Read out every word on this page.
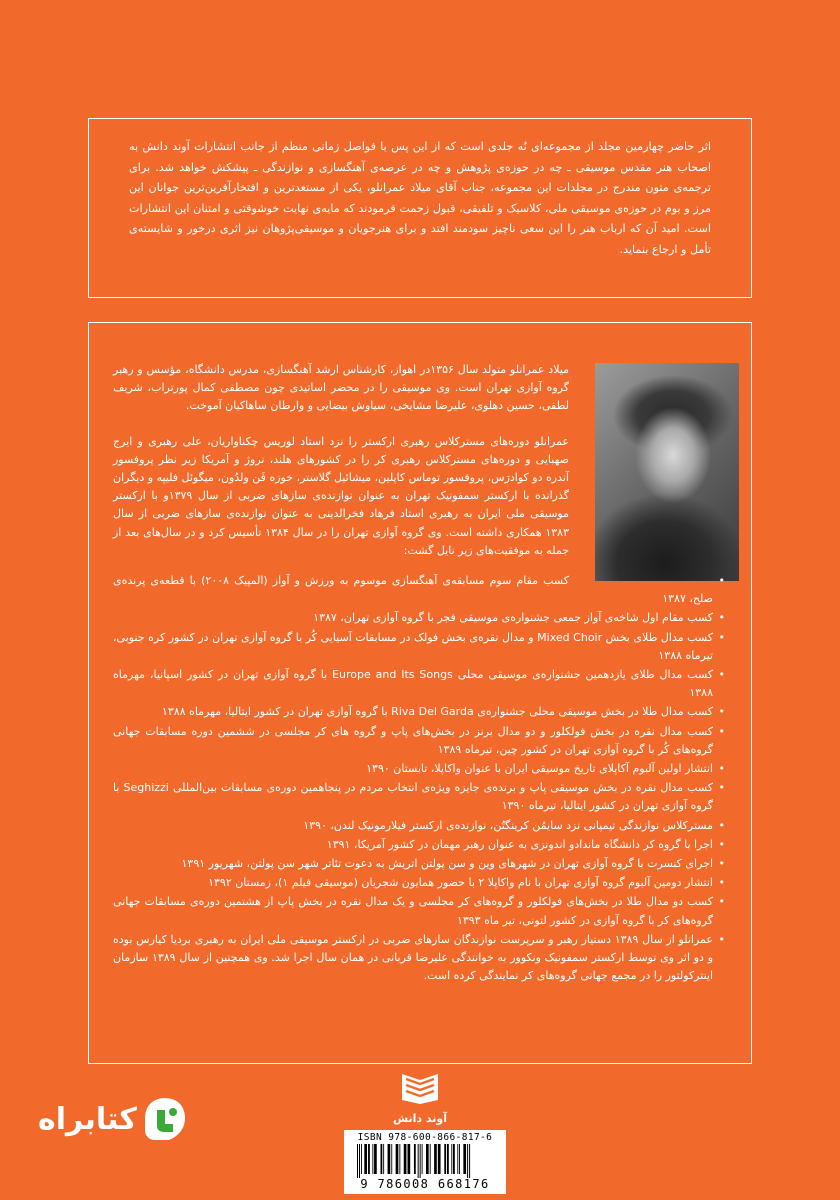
اثر حاضر چهارمین مجلد از مجموعه‌ای نُه جلدی است که از این پس با فواصل زمانی منظم از جانب انتشارات آوند دانش به اصحاب هنر مقدس موسیقی ـ چه در حوزه‌ی پژوهش و چه در عرصه‌ی آهنگسازی و نوازندگی ـ پیشکش خواهد شد. برای ترجمه‌ی متون مندرج در مجلدات این مجموعه، جناب آقای میلاد عمرانلو، یکی از مستعدترین و افتخارآفرین‌ترین جوانان این مرز و بوم در حوزه‌ی موسیقی ملی، کلاسیک و تلفیقی، قبول زحمت فرمودند که مایه‌ی نهایت خوشوقتی و امتنان این انتشارات است. امید آن که ارباب هنر را این سعی ناچیز سودمند افتد و برای هنرجویان و موسیقی‌پژوهان نیز اثری درخور و شایسته‌ی تأمل و ارجاع بنماید.

میلاد عمرانلو متولد سال ۱۳۵۶در اهواز، کارشناس ارشد آهنگسازی، مدرس دانشگاه، مؤسس و رهبر گروه آوازی تهران است. وی موسیقی را در محضر اساتیدی چون مصطفی کمال پورتراب، شریف لطفی، حسین دهلوی، علیرضا مشایخی، سیاوش بیضایی و وارطان ساهاکیان آموخت.

عمرانلو دوره‌های مسترکلاس رهبری ارکستر را نزد استاد لوریس چکناواریان، علی رهبری و ایرج صهبایی و دوره‌های مسترکلاس رهبری کر را در کشورهای هلند، نروژ و آمریکا زیر نظر پروفسور آندره دو کوادرَس، پروفسور توماس کاپلین، میشائیل گلاستر، خوزه فَن ولدُون، میگوئل فلیپه و دیگران گذرانده با ارکستر سمفونیک تهران به عنوان نوازنده‌ی سازهای ضربی از سال ۱۳۷۹و با ارکستر موسیقی ملی ایران به رهبری استاد فرهاد فخرالدینی به عنوان نوازنده‌ی سازهای ضربی از سال ۱۳۸۳ همکاری داشته است. وی گروه آوازی تهران را در سال ۱۳۸۴ تأسیس کرد و در سال‌های بعد از جمله به موفقیت‌های زیر نایل گشت:

• کسب مقام سوم مسابقه‌ی آهنگسازی موسوم به ورزش و آواز (المپیک ۲۰۰۸) با قطعه‌ی پرنده‌ی صلح، ۱۳۸۷
• کسب مقام اول شاخه‌ی آواز جمعی جشنواره‌ی موسیقی فجر با گروه آوازی تهران، ۱۳۸۷
• کسب مدال طلای بخش Mixed Choir و مدال نقره‌ی بخش فولک در مسابقات آسیایی کُر با گروه آوازی تهران در کشور کره جنوبی، تیرماه ۱۳۸۸
• کسب مدال طلای یازدهمین جشنواره‌ی موسیقی محلی Europe and Its Songs با گروه آوازی تهران در کشور اسپانیا، مهرماه ۱۳۸۸
• کسب مدال طلا در بخش موسیقی محلی جشنواره‌ی Riva Del Garda با گروه آوازی تهران در کشور ایتالیا، مهرماه ۱۳۸۸
• کسب مدال نقره در بخش فولکلور و دو مدال برنز در بخش‌های پاپ و گروه های کر مجلسی در ششمین دوره مسابقات جهانی گروه‌های کُر با گروه آوازی تهران در کشور چین، تیرماه ۱۳۸۹
• انتشار اولین آلبوم آکاپلای تاریخ موسیقی ایران با عنوان واکاپلا، تابستان ۱۳۹۰
• کسب مدال نقره در بخش موسیقی پاپ و برنده‌ی جایزه ویژه‌ی انتخاب مردم در پنجاهمین دوره‌ی مسابقات بین‌المللی Seghizzi با گروه آوازی تهران در کشور ایتالیا، تیرماه ۱۳۹۰
• مسترکلاس نوازندگی تیمپانی نزد سایمُن کرینگتُن، نوازنده‌ی ارکستر فیلارمونیک لندن، ۱۳۹۰
• اجرا با گروه کر دانشگاه ماندادو اندونزی به عنوان رهبر مهمان در کشور آمریکا، ۱۳۹۱
• اجرای کنسرت با گروه آوازی تهران در شهرهای وین و سن پولتن اتریش به دعوت تئاتر شهر سن پولتن، شهریور ۱۳۹۱
• انتشار دومین آلبوم گروه آوازی تهران با نام واکاپلا ۲ با حضور همایون شجریان (موسیقی فیلم ۱)، زمستان ۱۳۹۲
• کسب دو مدال طلا در بخش‌های فولکلور و گروه‌های کر مجلسی و یک مدال نقره در بخش پاپ از هشتمین دوره‌ی مسابقات جهانی گروه‌های کر با گروه آوازی در کشور لتونی، تیر ماه ۱۳۹۳
• عمرانلو از سال ۱۳۸۹ دستیار رهبر و سرپرست نوازندگان سازهای ضربی در ارکستر موسیقی ملی ایران به رهبری بردیا کیارس بوده و دو اثر وی توسط ارکستر سمفونیک ونکوور به خوانندگی علیرضا قربانی در همان سال اجرا شد. وی همچنین از سال ۱۳۸۹ سازمان اینترکولتور را در مجمع جهانی گروه‌های کر نمایندگی کرده است.
آوند دانش
کتابراه
ISBN 978-600-866-817-6
9 786008 668176
